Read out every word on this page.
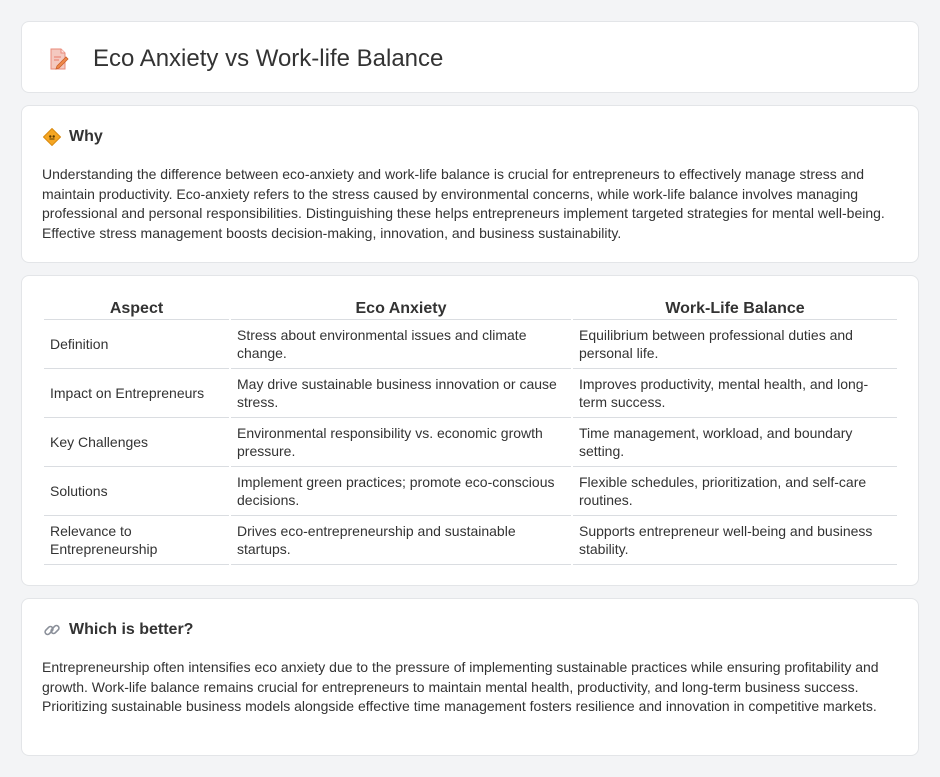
Eco Anxiety vs Work-life Balance
Why

Understanding the difference between eco-anxiety and work-life balance is crucial for entrepreneurs to effectively manage stress and maintain productivity. Eco-anxiety refers to the stress caused by environmental concerns, while work-life balance involves managing professional and personal responsibilities. Distinguishing these helps entrepreneurs implement targeted strategies for mental well-being. Effective stress management boosts decision-making, innovation, and business sustainability.

Aspect	Eco Anxiety	Work-Life Balance
Definition	Stress about environmental issues and climate change.	Equilibrium between professional duties and personal life.
Impact on Entrepreneurs	May drive sustainable business innovation or cause stress.	Improves productivity, mental health, and long-term success.
Key Challenges	Environmental responsibility vs. economic growth pressure.	Time management, workload, and boundary setting.
Solutions	Implement green practices; promote eco-conscious decisions.	Flexible schedules, prioritization, and self-care routines.
Relevance to Entrepreneurship	Drives eco-entrepreneurship and sustainable startups.	Supports entrepreneur well-being and business stability.
Which is better?

Entrepreneurship often intensifies eco anxiety due to the pressure of implementing sustainable practices while ensuring profitability and growth. Work-life balance remains crucial for entrepreneurs to maintain mental health, productivity, and long-term business success. Prioritizing sustainable business models alongside effective time management fosters resilience and innovation in competitive markets.
